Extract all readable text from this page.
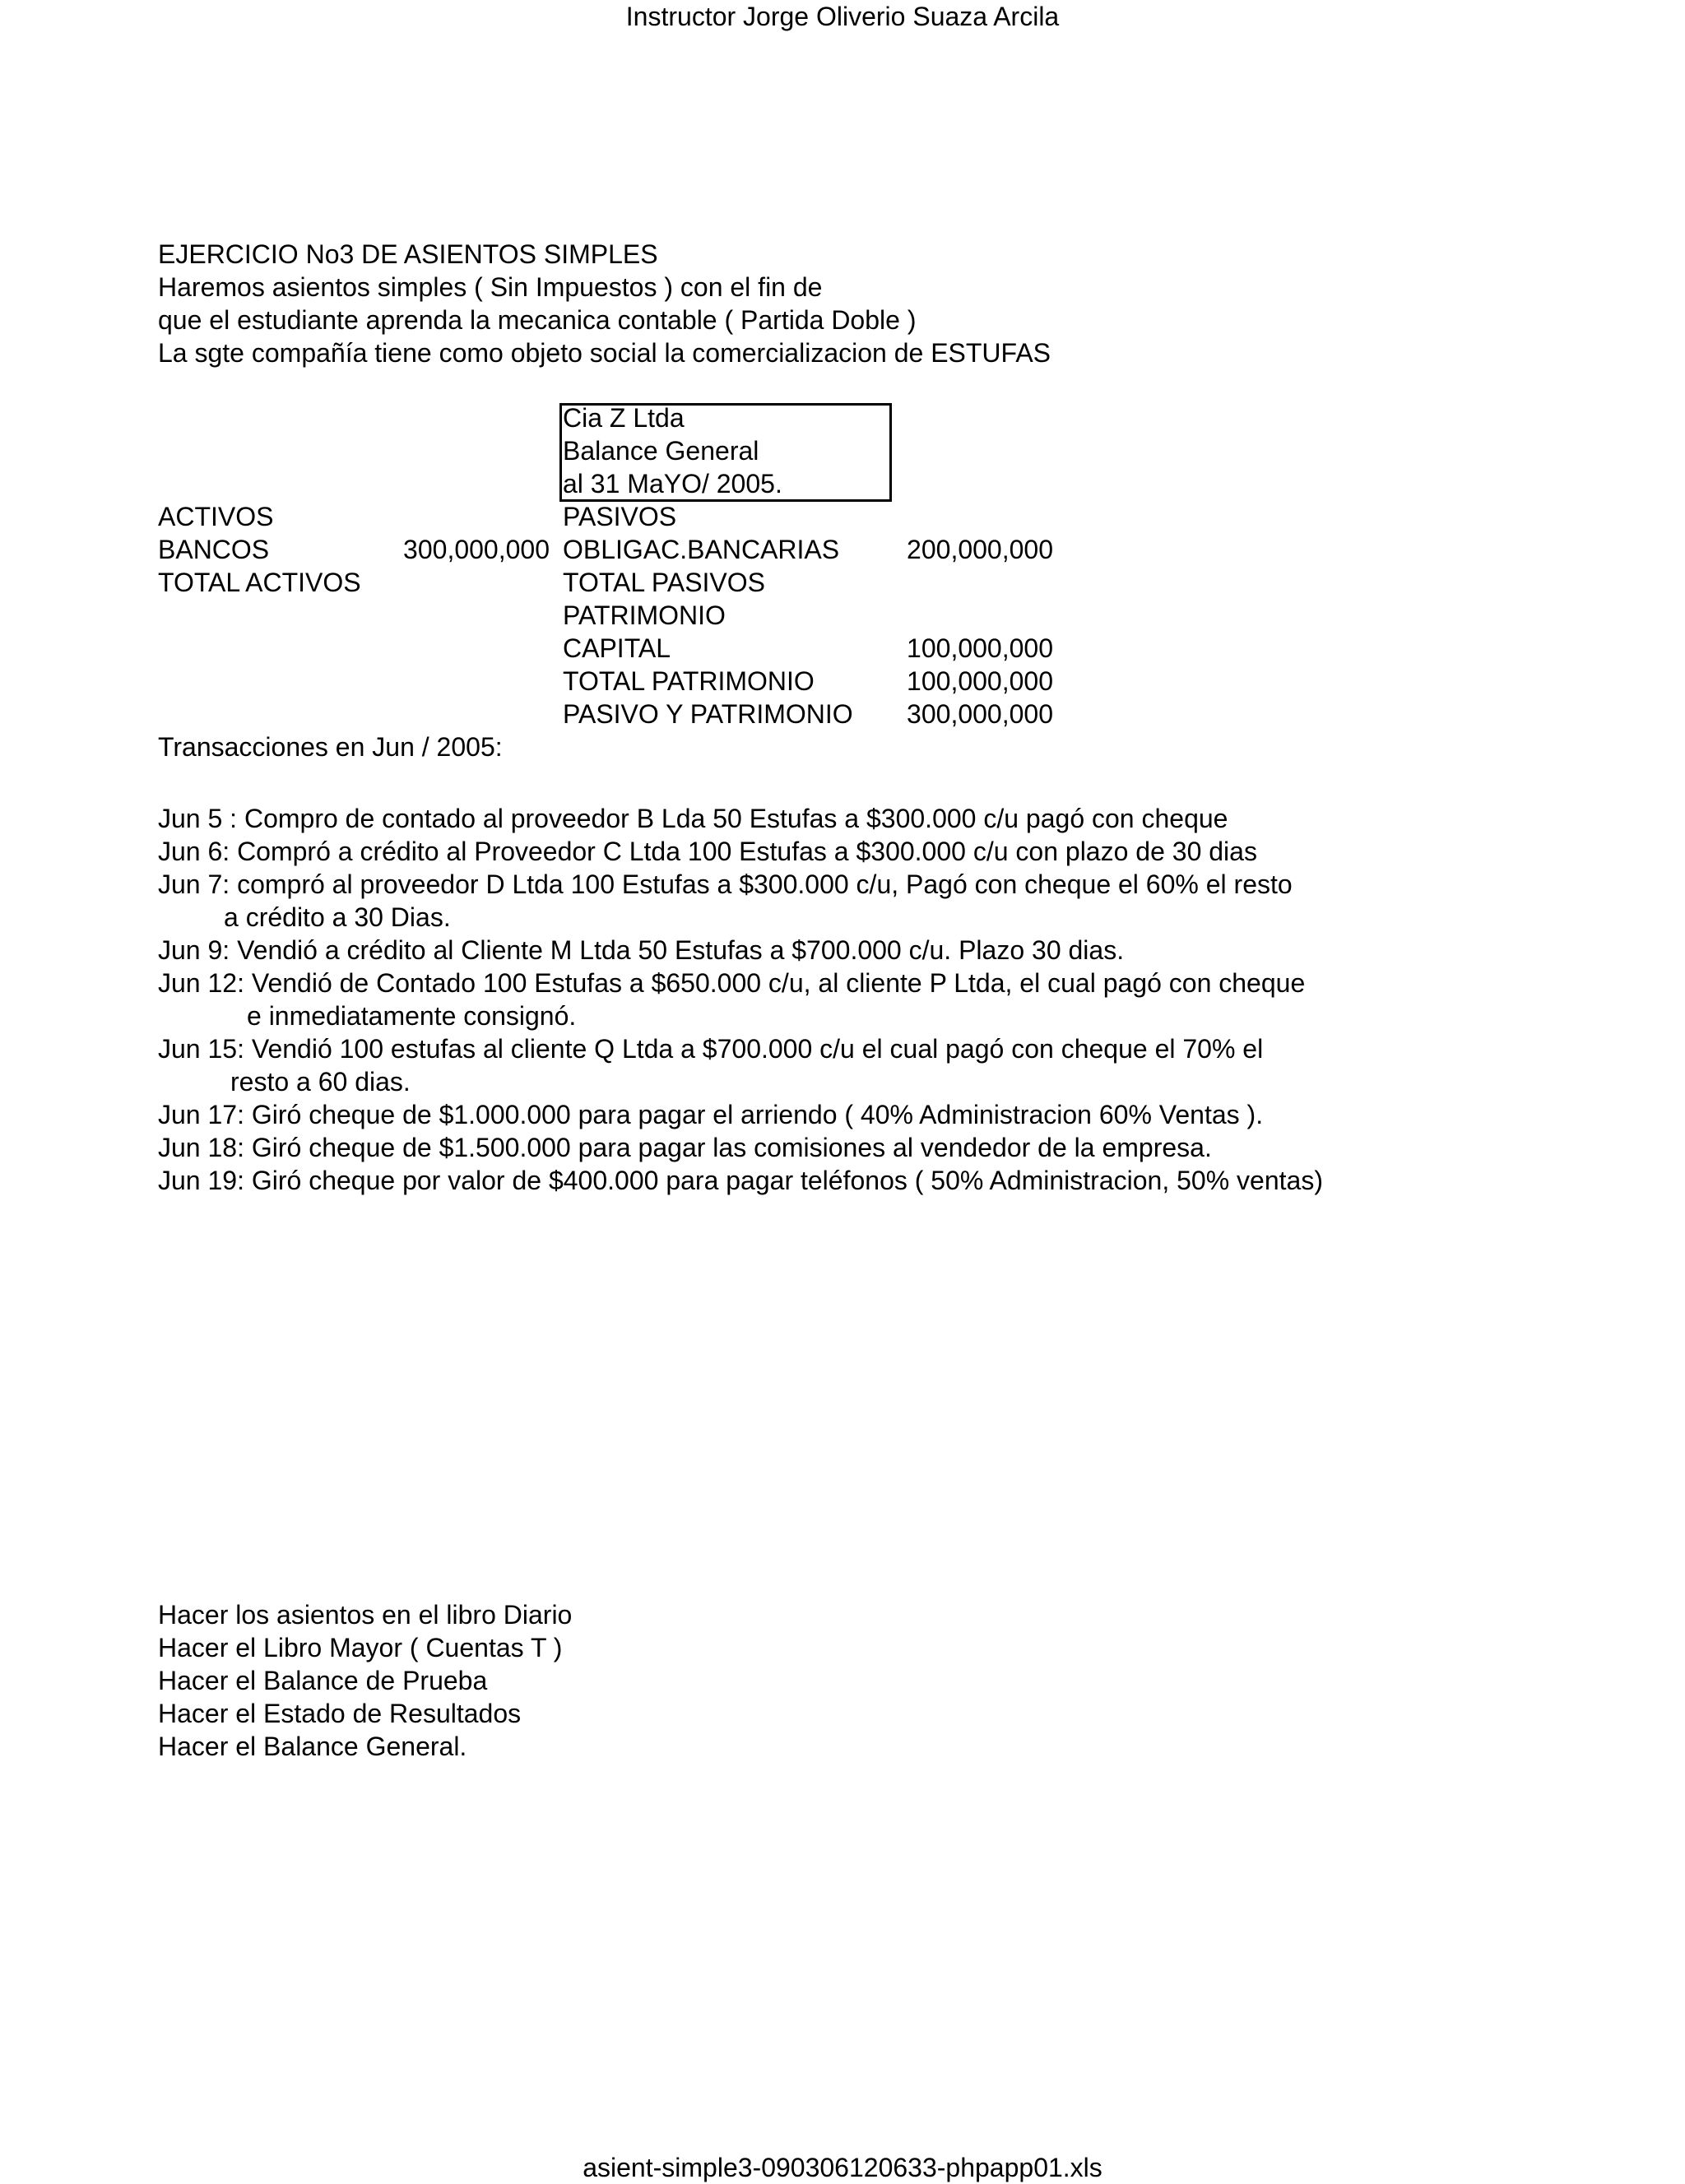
Instructor Jorge Oliverio Suaza Arcila
EJERCICIO No3 DE ASIENTOS SIMPLES
Haremos asientos simples ( Sin Impuestos ) con el fin de
que el estudiante aprenda la mecanica contable ( Partida Doble )
La sgte compañía tiene como objeto social la comercializacion de ESTUFAS
Cia Z Ltda
Balance General
al 31 MaYO/ 2005.
ACTIVOS	PASIVOS
BANCOS	300,000,000 OBLIGAC.BANCARIAS	200,000,000
TOTAL ACTIVOS	TOTAL PASIVOS
PATRIMONIO
CAPITAL	100,000,000
TOTAL PATRIMONIO	100,000,000
PASIVO Y PATRIMONIO	300,000,000
Transacciones en Jun / 2005:
Jun 5 : Compro de contado al proveedor B Lda 50 Estufas a $300.000 c/u pagó con cheque
Jun 6: Compró a crédito al Proveedor C Ltda 100 Estufas a $300.000 c/u con plazo de 30 dias
Jun 7: compró al proveedor D Ltda 100 Estufas a $300.000 c/u, Pagó con cheque el 60% el resto
a crédito a 30 Dias.
Jun 9: Vendió a crédito al Cliente M Ltda 50 Estufas a $700.000 c/u. Plazo 30 dias.
Jun 12: Vendió de Contado 100 Estufas a $650.000 c/u, al cliente P Ltda, el cual pagó con cheque
e inmediatamente consignó.
Jun 15: Vendió 100 estufas al cliente Q Ltda a $700.000 c/u el cual pagó con cheque el 70% el
resto a 60 dias.
Jun 17: Giró cheque de $1.000.000 para pagar el arriendo ( 40% Administracion 60% Ventas ).
Jun 18: Giró cheque de $1.500.000 para pagar las comisiones al vendedor de la empresa.
Jun 19: Giró cheque por valor de $400.000 para pagar teléfonos ( 50% Administracion, 50% ventas)
Hacer los asientos en el libro Diario
Hacer el Libro Mayor ( Cuentas T )
Hacer el Balance de Prueba
Hacer el Estado de Resultados
Hacer el Balance General.
asient-simple3-090306120633-phpapp01.xls
